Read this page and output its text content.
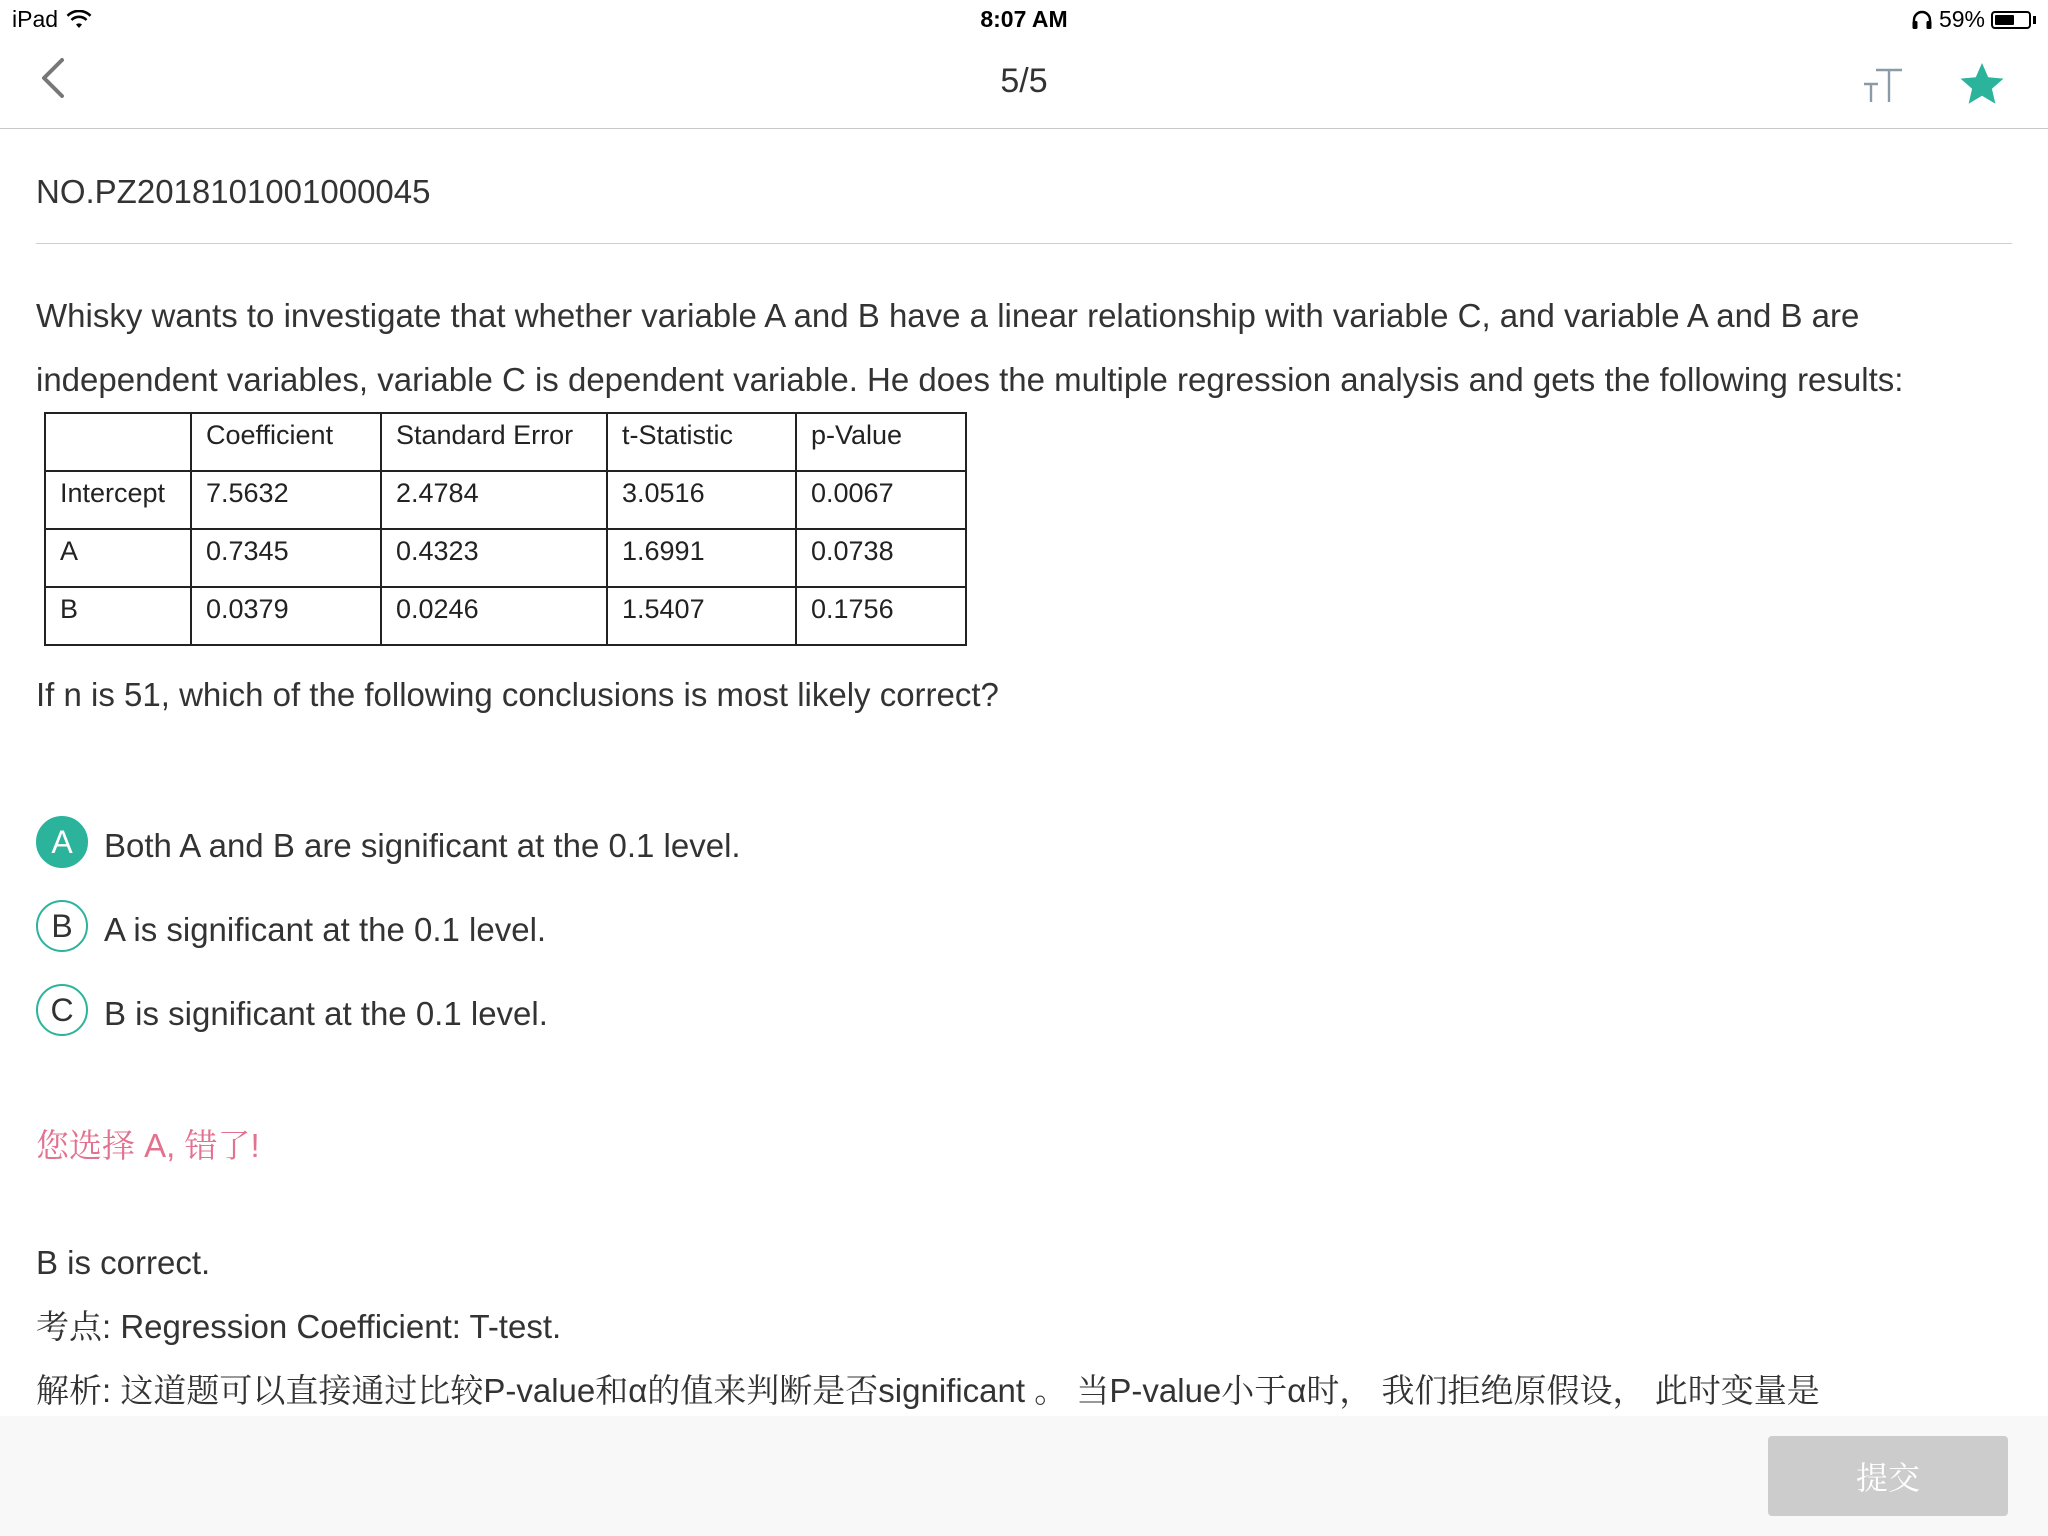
iPad	8:07 AM	59%
5/5
NO.PZ2018101001000045
Whisky wants to investigate that whether variable A and B have a linear relationship with variable C, and variable A and B are
independent variables, variable C is dependent variable. He does the multiple regression analysis and gets the following results:
	Coefficient	Standard Error	t-Statistic	p-Value
Intercept	7.5632	2.4784	3.0516	0.0067
A	0.7345	0.4323	1.6991	0.0738
B	0.0379	0.0246	1.5407	0.1756
If n is 51, which of the following conclusions is most likely correct?
A Both A and B are significant at the 0.1 level.
B A is significant at the 0.1 level.
C B is significant at the 0.1 level.
您选择 A, 错了!
B is correct.
考点: Regression Coefficient: T-test.
解析: 这道题可以直接通过比较P-value和α的值来判断是否significant 。 当P-value小于α时， 我们拒绝原假设， 此时变量是
提交
